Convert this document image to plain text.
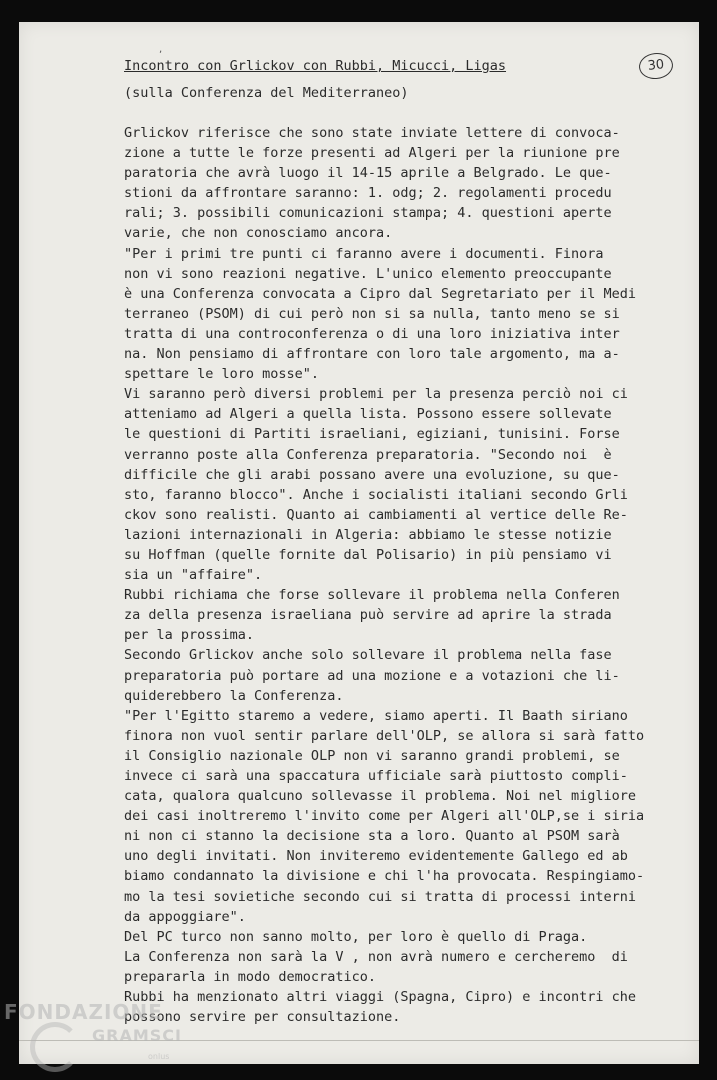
,
Incontro con Grlickov con Rubbi, Micucci, Ligas	30
(sulla Conferenza del Mediterraneo)
Grlickov riferisce che sono state inviate lettere di convoca-
zione a tutte le forze presenti ad Algeri per la riunione pre
paratoria che avrà luogo il 14-15 aprile a Belgrado. Le que-
stioni da affrontare saranno: 1. odg; 2. regolamenti procedu
rali; 3. possibili comunicazioni stampa; 4. questioni aperte
varie, che non conosciamo ancora.
"Per i primi tre punti ci faranno avere i documenti. Finora
non vi sono reazioni negative. L'unico elemento preoccupante
è una Conferenza convocata a Cipro dal Segretariato per il Medi
terraneo (PSOM) di cui però non si sa nulla, tanto meno se si
tratta di una controconferenza o di una loro iniziativa inter
na. Non pensiamo di affrontare con loro tale argomento, ma a-
spettare le loro mosse".
Vi saranno però diversi problemi per la presenza perciò noi ci
atteniamo ad Algeri a quella lista. Possono essere sollevate
le questioni di Partiti israeliani, egiziani, tunisini. Forse
verranno poste alla Conferenza preparatoria. "Secondo noi  è
difficile che gli arabi possano avere una evoluzione, su que-
sto, faranno blocco". Anche i socialisti italiani secondo Grli
ckov sono realisti. Quanto ai cambiamenti al vertice delle Re-
lazioni internazionali in Algeria: abbiamo le stesse notizie
su Hoffman (quelle fornite dal Polisario) in più pensiamo vi
sia un "affaire".
Rubbi richiama che forse sollevare il problema nella Conferen
za della presenza israeliana può servire ad aprire la strada
per la prossima.
Secondo Grlickov anche solo sollevare il problema nella fase
preparatoria può portare ad una mozione e a votazioni che li-
quiderebbero la Conferenza.
"Per l'Egitto staremo a vedere, siamo aperti. Il Baath siriano
finora non vuol sentir parlare dell'OLP, se allora si sarà fatto
il Consiglio nazionale OLP non vi saranno grandi problemi, se
invece ci sarà una spaccatura ufficiale sarà piuttosto compli-
cata, qualora qualcuno sollevasse il problema. Noi nel migliore
dei casi inoltreremo l'invito come per Algeri all'OLP,se i siria
ni non ci stanno la decisione sta a loro. Quanto al PSOM sarà
uno degli invitati. Non inviteremo evidentemente Gallego ed ab
biamo condannato la divisione e chi l'ha provocata. Respingiamo-
mo la tesi sovietiche secondo cui si tratta di processi interni
da appoggiare".
Del PC turco non sanno molto, per loro è quello di Praga.
La Conferenza non sarà la V , non avrà numero e cercheremo  di
prepararla in modo democratico.
Rubbi ha menzionato altri viaggi (Spagna, Cipro) e incontri che
possono servire per consultazione.
FONDAZIONE
GRAMSCI
onlus
